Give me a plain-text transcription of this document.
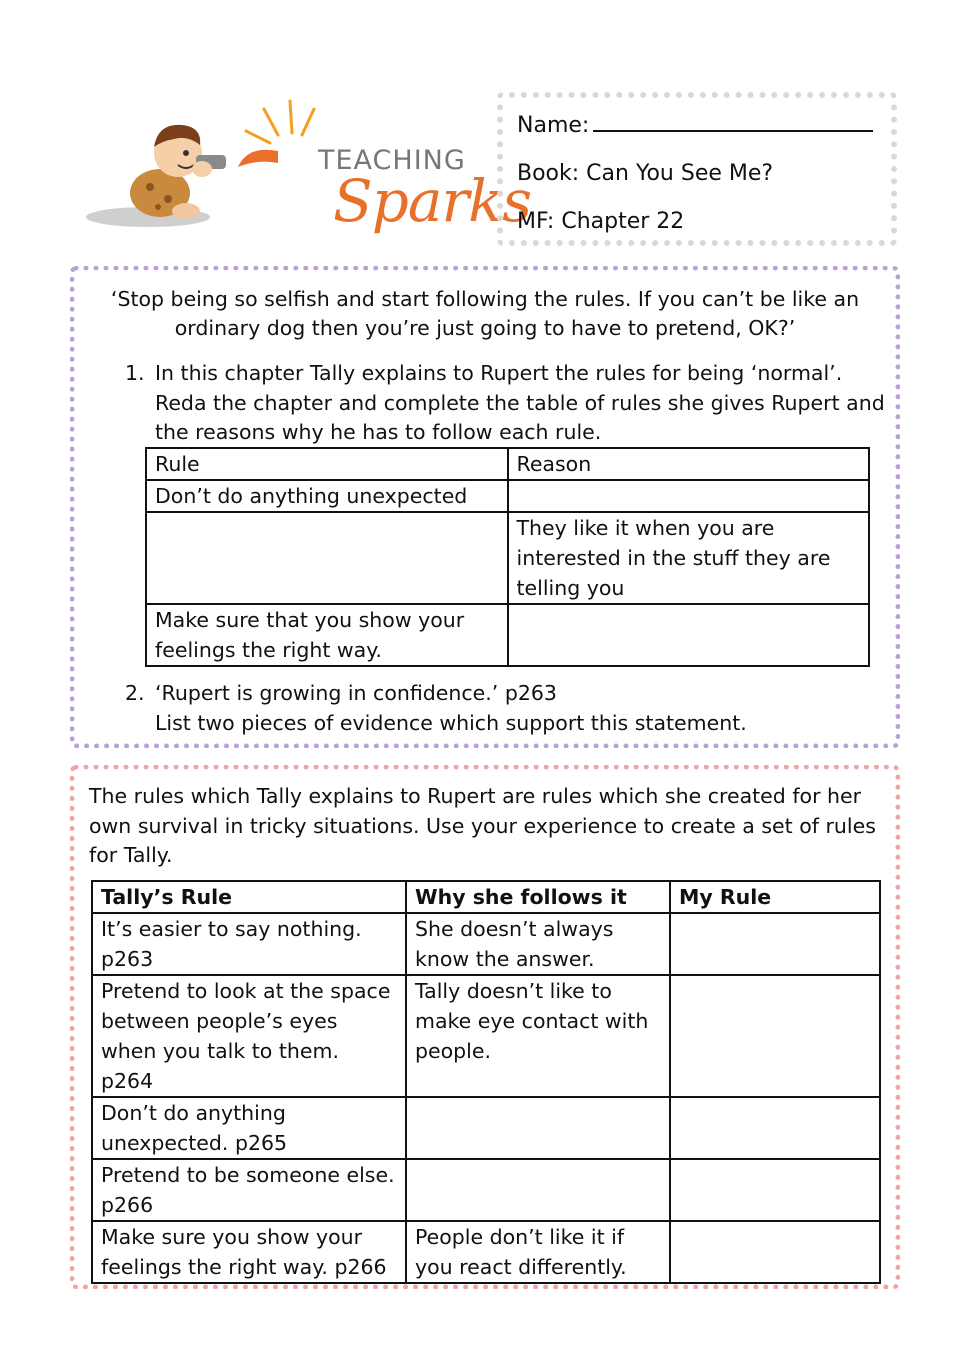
TEACHING
Sparks
Name:
Book: Can You See Me?
MF: Chapter 22
‘Stop being so selfish and start following the rules. If you can’t be like an
ordinary dog then you’re just going to have to pretend, OK?’
1. In this chapter Tally explains to Rupert the rules for being ‘normal’.
Reda the chapter and complete the table of rules she gives Rupert and
the reasons why he has to follow each rule.
Rule	Reason
Don’t do anything unexpected	
	They like it when you are interested in the stuff they are telling you
Make sure that you show your feelings the right way.	
2. ‘Rupert is growing in confidence.’ p263
List two pieces of evidence which support this statement.
The rules which Tally explains to Rupert are rules which she created for her own survival in tricky situations. Use your experience to create a set of rules for Tally.
Tally’s Rule	Why she follows it	My Rule
It’s easier to say nothing. p263	She doesn’t always know the answer.	
Pretend to look at the space between people’s eyes when you talk to them. p264	Tally doesn’t like to make eye contact with people.	
Don’t do anything unexpected. p265		
Pretend to be someone else. p266		
Make sure you show your feelings the right way. p266	People don’t like it if you react differently.	
